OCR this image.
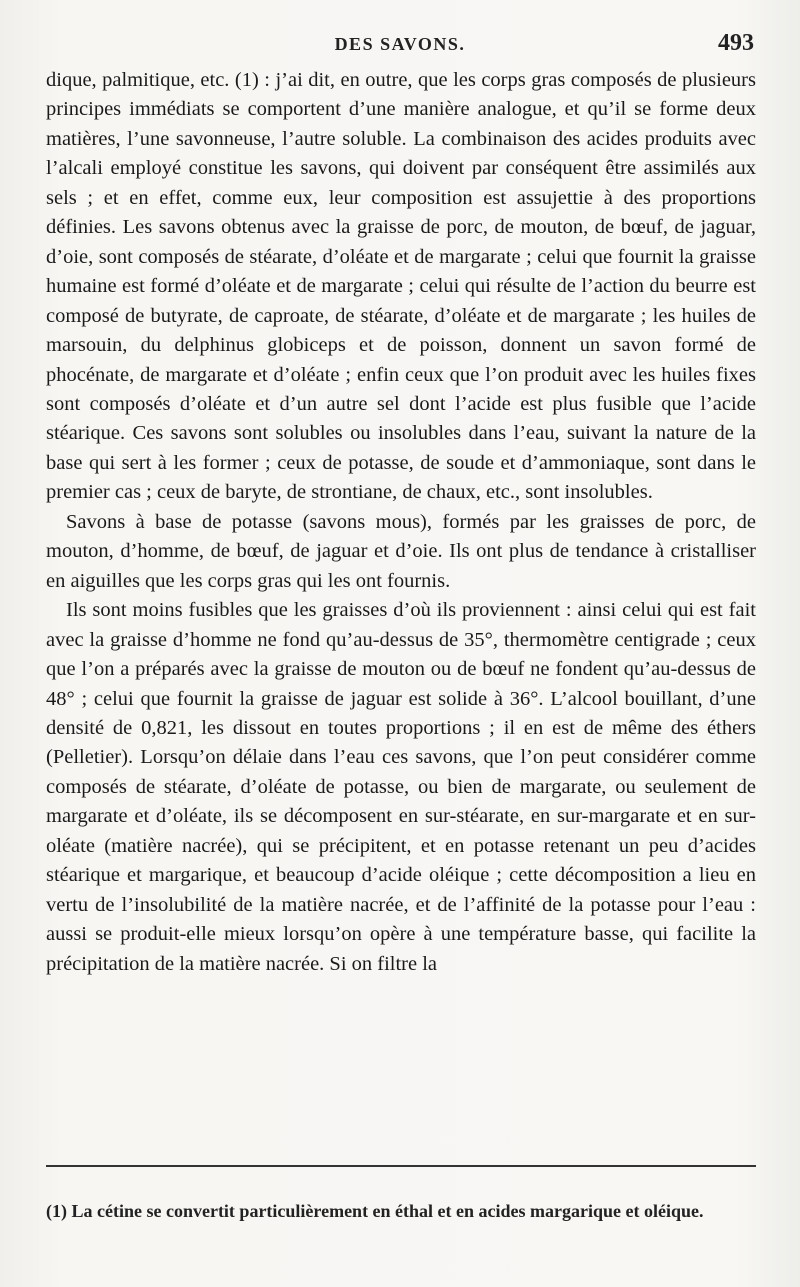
DES SAVONS.	493

dique, palmitique, etc. (1) : j’ai dit, en outre, que les corps gras composés de plusieurs principes immédiats se comportent d’une manière analogue, et qu’il se forme deux matières, l’une savonneuse, l’autre soluble. La combinaison des acides produits avec l’alcali employé constitue les savons, qui doivent par conséquent être assimilés aux sels ; et en effet, comme eux, leur composition est assujettie à des proportions définies. Les savons obtenus avec la graisse de porc, de mouton, de bœuf, de jaguar, d’oie, sont composés de stéarate, d’oléate et de margarate ; celui que fournit la graisse humaine est formé d’oléate et de margarate ; celui qui résulte de l’action du beurre est composé de butyrate, de caproate, de stéarate, d’oléate et de margarate ; les huiles de marsouin, du delphinus globiceps et de poisson, donnent un savon formé de phocénate, de margarate et d’oléate ; enfin ceux que l’on produit avec les huiles fixes sont composés d’oléate et d’un autre sel dont l’acide est plus fusible que l’acide stéarique. Ces savons sont solubles ou insolubles dans l’eau, suivant la nature de la base qui sert à les former ; ceux de potasse, de soude et d’ammoniaque, sont dans le premier cas ; ceux de baryte, de strontiane, de chaux, etc., sont insolubles.

Savons à base de potasse (savons mous), formés par les graisses de porc, de mouton, d’homme, de bœuf, de jaguar et d’oie. Ils ont plus de tendance à cristalliser en aiguilles que les corps gras qui les ont fournis.

Ils sont moins fusibles que les graisses d’où ils proviennent : ainsi celui qui est fait avec la graisse d’homme ne fond qu’au-dessus de 35°, thermomètre centigrade ; ceux que l’on a préparés avec la graisse de mouton ou de bœuf ne fondent qu’au-dessus de 48° ; celui que fournit la graisse de jaguar est solide à 36°. L’alcool bouillant, d’une densité de 0,821, les dissout en toutes proportions ; il en est de même des éthers (Pelletier). Lorsqu’on délaie dans l’eau ces savons, que l’on peut considérer comme composés de stéarate, d’oléate de potasse, ou bien de margarate, ou seulement de margarate et d’oléate, ils se décomposent en sur-stéarate, en sur-margarate et en sur-oléate (matière nacrée), qui se précipitent, et en potasse retenant un peu d’acides stéarique et margarique, et beaucoup d’acide oléique ; cette décomposition a lieu en vertu de l’insolubilité de la matière nacrée, et de l’affinité de la potasse pour l’eau : aussi se produit-elle mieux lorsqu’on opère à une température basse, qui facilite la précipitation de la matière nacrée. Si on filtre la

(1) La cétine se convertit particulièrement en éthal et en acides margarique et oléique.
